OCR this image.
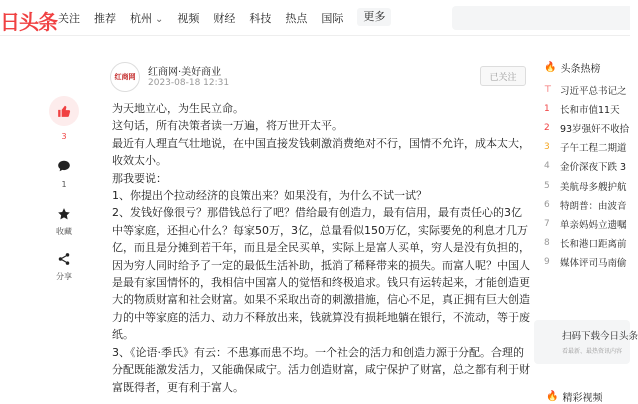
日头条 关注 推荐 杭州 ⌄	视频 财经 科技 热点 国际	更多
3
1
收藏
分享
红商网	红商网·美好商业
2023-08-18 12:31
已关注

为天地立心，为生民立命。

这句话，所有决策者读一万遍，将万世开太平。

最近有人理直气壮地说，在中国直接发钱刺激消费绝对不行，国情不允许，成本太大，收效太小。

那我要说：

1、你提出个拉动经济的良策出来？如果没有，为什么不试一试？

2、发钱好像很亏？那借钱总行了吧？借给最有创造力，最有信用，最有责任心的3亿中等家庭，还担心什么？每家50万，3亿，总量看似150万亿，实际要免的利息才几万亿，而且是分摊到若干年，而且是全民买单，实际上是富人买单，穷人是没有负担的，因为穷人同时给予了一定的最低生活补助，抵消了稀释带来的损失。而富人呢？中国人是最有家国情怀的，我相信中国富人的觉悟和终极追求。钱只有运转起来，才能创造更大的物质财富和社会财富。如果不采取出奇的刺激措施，信心不足，真正拥有巨大创造力的中等家庭的活力、动力不释放出来，钱就算没有损耗地躺在银行，不流动，等于废纸。

3、《论语·季氏》有云：不患寡而患不均。一个社会的活力和创造力源于分配。合理的分配既能激发活力，又能确保咸宁。活力创造财富，咸宁保护了财富，总之都有利于财富既得者，更有利于富人。

🔥 头条热榜
⊤ 习近平总书记之
1	长和市值11天
2	93岁强奸不收拾
3	子午工程二期道
4	金价深夜下跌 3
5	美航母多艘护航
6	特朗普：由波音
7	单亲妈妈立遗嘱
8	长和港口距离前
9	媒体评司马南偷
扫码下载今日头条
看最新、最热资讯内容
🔥 精彩视频
